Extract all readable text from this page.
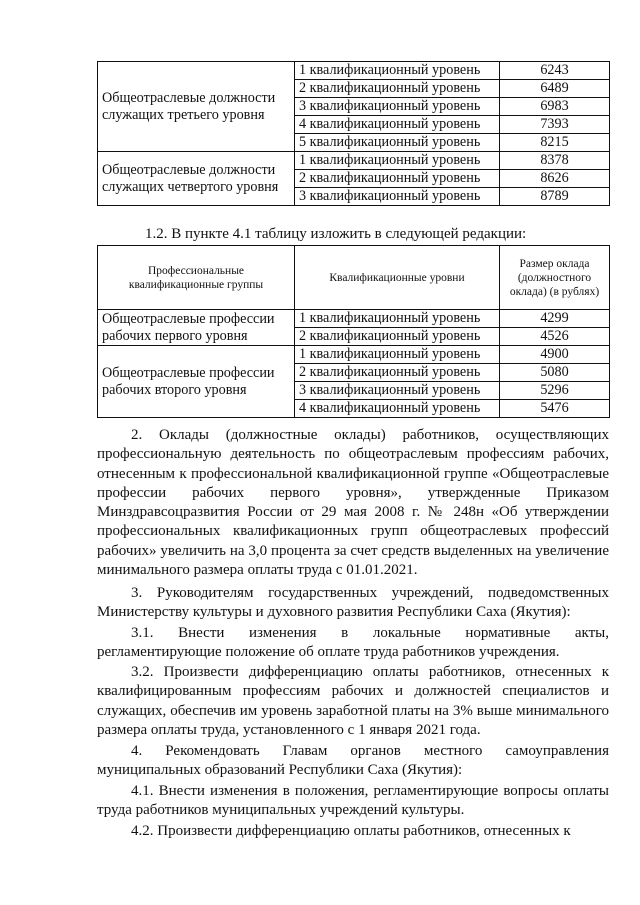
Общеотраслевые должности служащих третьего уровня	1 квалификационный уровень	6243
	2 квалификационный уровень	6489
	3 квалификационный уровень	6983
	4 квалификационный уровень	7393
	5 квалификационный уровень	8215
Общеотраслевые должности служащих четвертого уровня	1 квалификационный уровень	8378
	2 квалификационный уровень	8626
	3 квалификационный уровень	8789
1.2. В пункте 4.1 таблицу изложить в следующей редакции:
Профессиональные квалификационные группы	Квалификационные уровни	Размер оклада (должностного оклада) (в рублях)
Общеотраслевые профессии рабочих первого уровня	1 квалификационный уровень	4299
	2 квалификационный уровень	4526
Общеотраслевые профессии рабочих второго уровня	1 квалификационный уровень	4900
	2 квалификационный уровень	5080
	3 квалификационный уровень	5296
	4 квалификационный уровень	5476

2. Оклады (должностные оклады) работников, осуществляющих профессиональную деятельность по общеотраслевым профессиям рабочих, отнесенным к профессиональной квалификационной группе «Общеотраслевые профессии рабочих первого уровня», утвержденные Приказом Минздравсоцразвития России от 29 мая 2008 г. № 248н «Об утверждении профессиональных квалификационных групп общеотраслевых профессий рабочих» увеличить на 3,0 процента за счет средств выделенных на увеличение минимального размера оплаты труда с 01.01.2021.

3. Руководителям государственных учреждений, подведомственных Министерству культуры и духовного развития Республики Саха (Якутия):

3.1. Внести изменения в локальные нормативные акты, регламентирующие положение об оплате труда работников учреждения.

3.2. Произвести дифференциацию оплаты работников, отнесенных к квалифицированным профессиям рабочих и должностей специалистов и служащих, обеспечив им уровень заработной платы на 3% выше минимального размера оплаты труда, установленного с 1 января 2021 года.

4. Рекомендовать Главам органов местного самоуправления муниципальных образований Республики Саха (Якутия):

4.1. Внести изменения в положения, регламентирующие вопросы оплаты труда работников муниципальных учреждений культуры.

4.2. Произвести дифференциацию оплаты работников, отнесенных к
